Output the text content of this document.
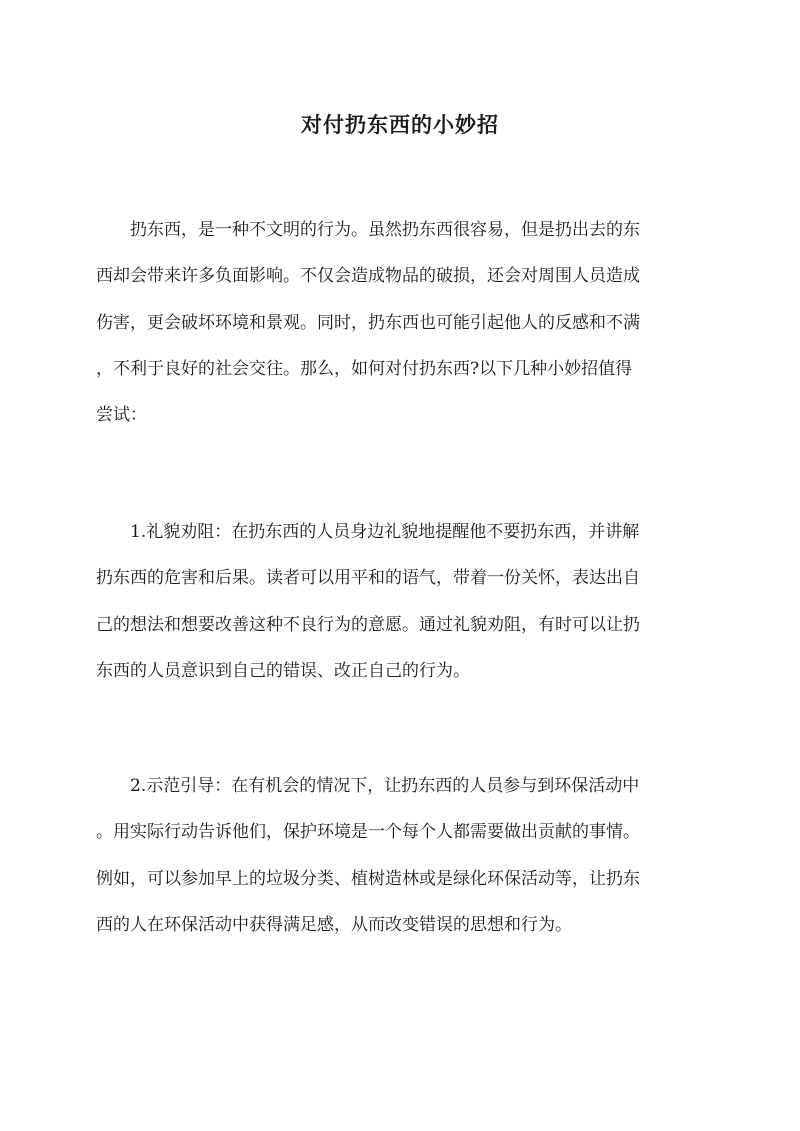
对付扔东西的小妙招

　　扔东西，是一种不文明的行为。虽然扔东西很容易，但是扔出去的东
西却会带来许多负面影响。不仅会造成物品的破损，还会对周围人员造成
伤害，更会破坏环境和景观。同时，扔东西也可能引起他人的反感和不满
，不利于良好的社会交往。那么，如何对付扔东西?以下几种小妙招值得
尝试：

　　1.礼貌劝阻：在扔东西的人员身边礼貌地提醒他不要扔东西，并讲解
扔东西的危害和后果。读者可以用平和的语气，带着一份关怀，表达出自
己的想法和想要改善这种不良行为的意愿。通过礼貌劝阻，有时可以让扔
东西的人员意识到自己的错误、改正自己的行为。

　　2.示范引导：在有机会的情况下，让扔东西的人员参与到环保活动中
。用实际行动告诉他们，保护环境是一个每个人都需要做出贡献的事情。
例如，可以参加早上的垃圾分类、植树造林或是绿化环保活动等，让扔东
西的人在环保活动中获得满足感，从而改变错误的思想和行为。
